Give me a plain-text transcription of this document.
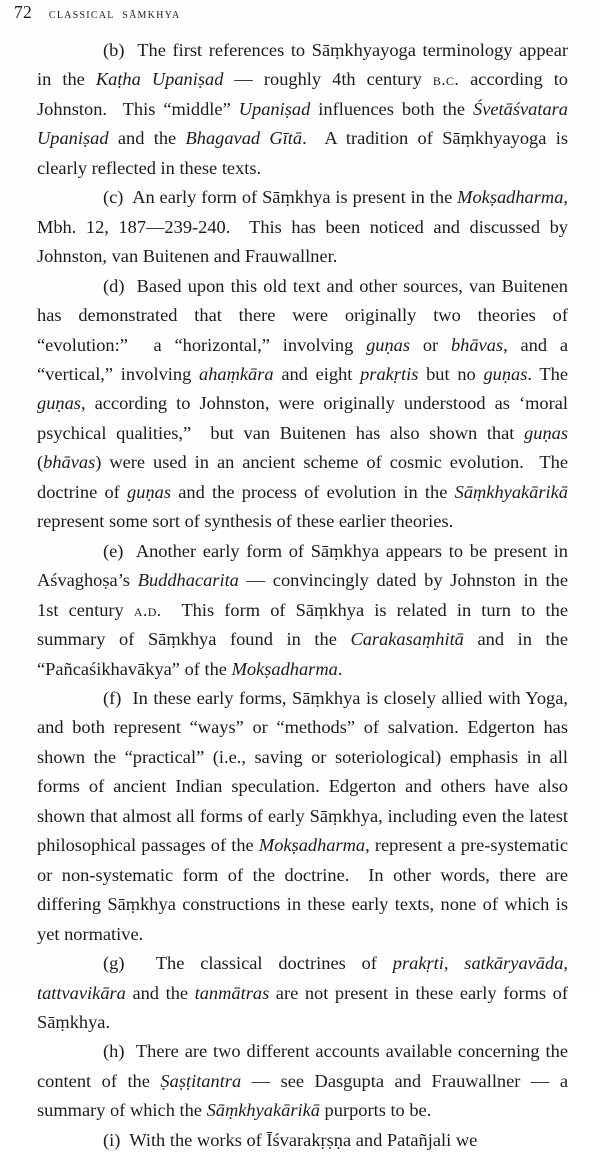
72 classical sāmkhya

(b)  The first references to Sāṃkhyayoga terminology appear in the Kaṭha Upaniṣad — roughly 4th century b.c. according to Johnston.  This “middle” Upaniṣad influences both the Śvetāśvatara Upaniṣad and the Bhagavad Gītā.  A tradition of Sāṃkhyayoga is clearly reflected in these texts.

(c)  An early form of Sāṃkhya is present in the Mokṣadharma, Mbh. 12, 187—239-240.  This has been noticed and discussed by Johnston, van Buitenen and Frauwallner.

(d)  Based upon this old text and other sources, van Buitenen has demonstrated that there were originally two theories of “evolution:”  a “horizontal,” involving guṇas or bhāvas, and a “vertical,” involving ahaṃkāra and eight prakṛtis but no guṇas. The guṇas, according to Johnston, were originally understood as ‘moral psychical qualities,”  but van Buitenen has also shown that guṇas (bhāvas) were used in an ancient scheme of cosmic evolution.  The doctrine of guṇas and the process of evolution in the Sāṃkhyakārikā represent some sort of synthesis of these earlier theories.

(e)  Another early form of Sāṃkhya appears to be present in Aśvaghoṣa’s Buddhacarita — convincingly dated by Johnston in the 1st century a.d.  This form of Sāṃkhya is related in turn to the summary of Sāṃkhya found in the Carakasaṃhitā and in the “Pañcaśikhavākya” of the Mokṣadharma.

(f)  In these early forms, Sāṃkhya is closely allied with Yoga, and both represent “ways” or “methods” of salvation. Edgerton has shown the “practical” (i.e., saving or soteriological) emphasis in all forms of ancient Indian speculation. Edgerton and others have also shown that almost all forms of early Sāṃkhya, including even the latest philosophical passages of the Mokṣadharma, represent a pre-systematic or non-systematic form of the doctrine.  In other words, there are differing Sāṃkhya constructions in these early texts, none of which is yet normative.

(g)  The classical doctrines of prakṛti, satkāryavāda, tattvavikāra and the tanmātras are not present in these early forms of Sāṃkhya.

(h)  There are two different accounts available concerning the content of the Ṣaṣṭitantra — see Dasgupta and Frauwallner — a summary of which the Sāṃkhyakārikā purports to be.

(i)  With the works of Īśvarakṛṣṇa and Patañjali we
